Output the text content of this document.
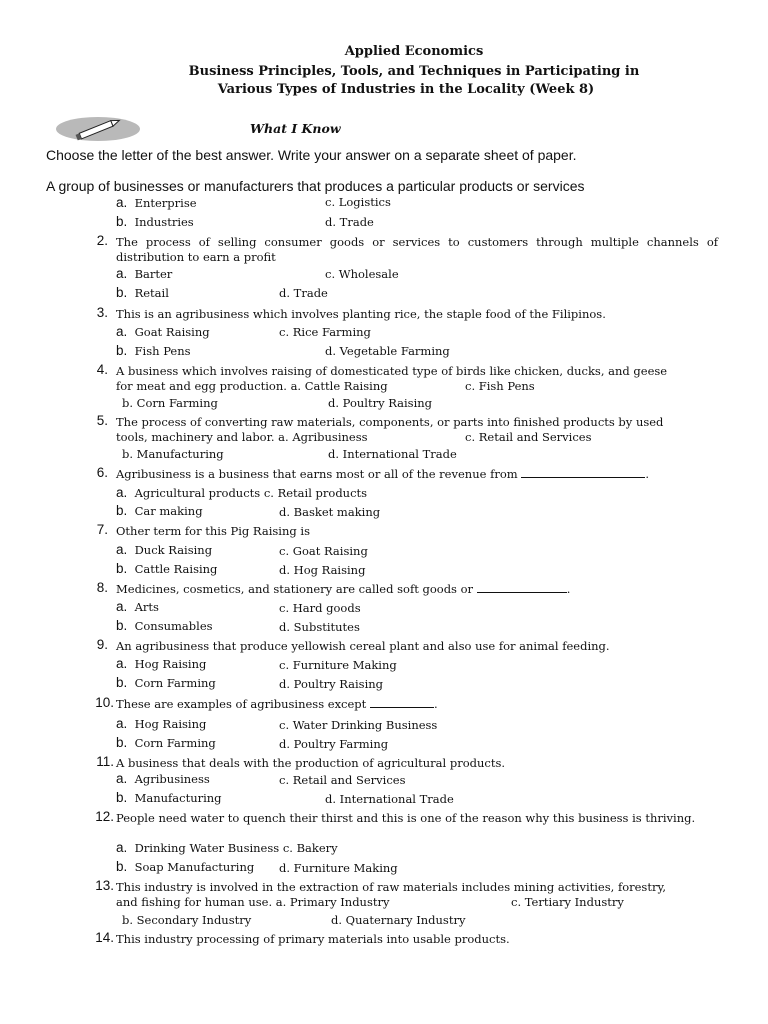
Applied Economics
Business Principles, Tools, and Techniques in Participating in
Various Types of Industries in the Locality (Week 8)
What I Know
Choose the letter of the best answer. Write your answer on a separate sheet of paper.
A group of businesses or manufacturers that produces a particular products or services
a. Enterprise	c. Logistics
b. Industries	d. Trade
2. The process of selling consumer goods or services to customers through multiple channels of distribution to earn a profit
a. Barter	c. Wholesale
b. Retail	d. Trade
3. This is an agribusiness which involves planting rice, the staple food of the Filipinos.
a. Goat Raising	c. Rice Farming
b. Fish Pens	d. Vegetable Farming
4. A business which involves raising of domesticated type of birds like chicken, ducks, and geese
for meat and egg production. a. Cattle Raising	c. Fish Pens
b. Corn Farming	d. Poultry Raising
5. The process of converting raw materials, components, or parts into finished products by used
tools, machinery and labor. a. Agribusiness	c. Retail and Services
b. Manufacturing	d. International Trade
6. Agribusiness is a business that earns most or all of the revenue from	.
a. Agricultural products c. Retail products
b. Car making	d. Basket making
7. Other term for this Pig Raising is
a. Duck Raising	c. Goat Raising
b. Cattle Raising	d. Hog Raising
8. Medicines, cosmetics, and stationery are called soft goods or	.
a. Arts	c. Hard goods
b. Consumables	d. Substitutes
9. An agribusiness that produce yellowish cereal plant and also use for animal feeding.
a. Hog Raising	c. Furniture Making
b. Corn Farming	d. Poultry Raising
10. These are examples of agribusiness except	.
a. Hog Raising	c. Water Drinking Business
b. Corn Farming	d. Poultry Farming
11. A business that deals with the production of agricultural products.
a. Agribusiness	c. Retail and Services
b. Manufacturing	d. International Trade
12. People need water to quench their thirst and this is one of the reason why this business is thriving.
a. Drinking Water Business c. Bakery
b. Soap Manufacturing d. Furniture Making
13. This industry is involved in the extraction of raw materials includes mining activities, forestry,
and fishing for human use. a. Primary Industry	c. Tertiary Industry
b. Secondary Industry	d. Quaternary Industry
14. This industry processing of primary materials into usable products.
